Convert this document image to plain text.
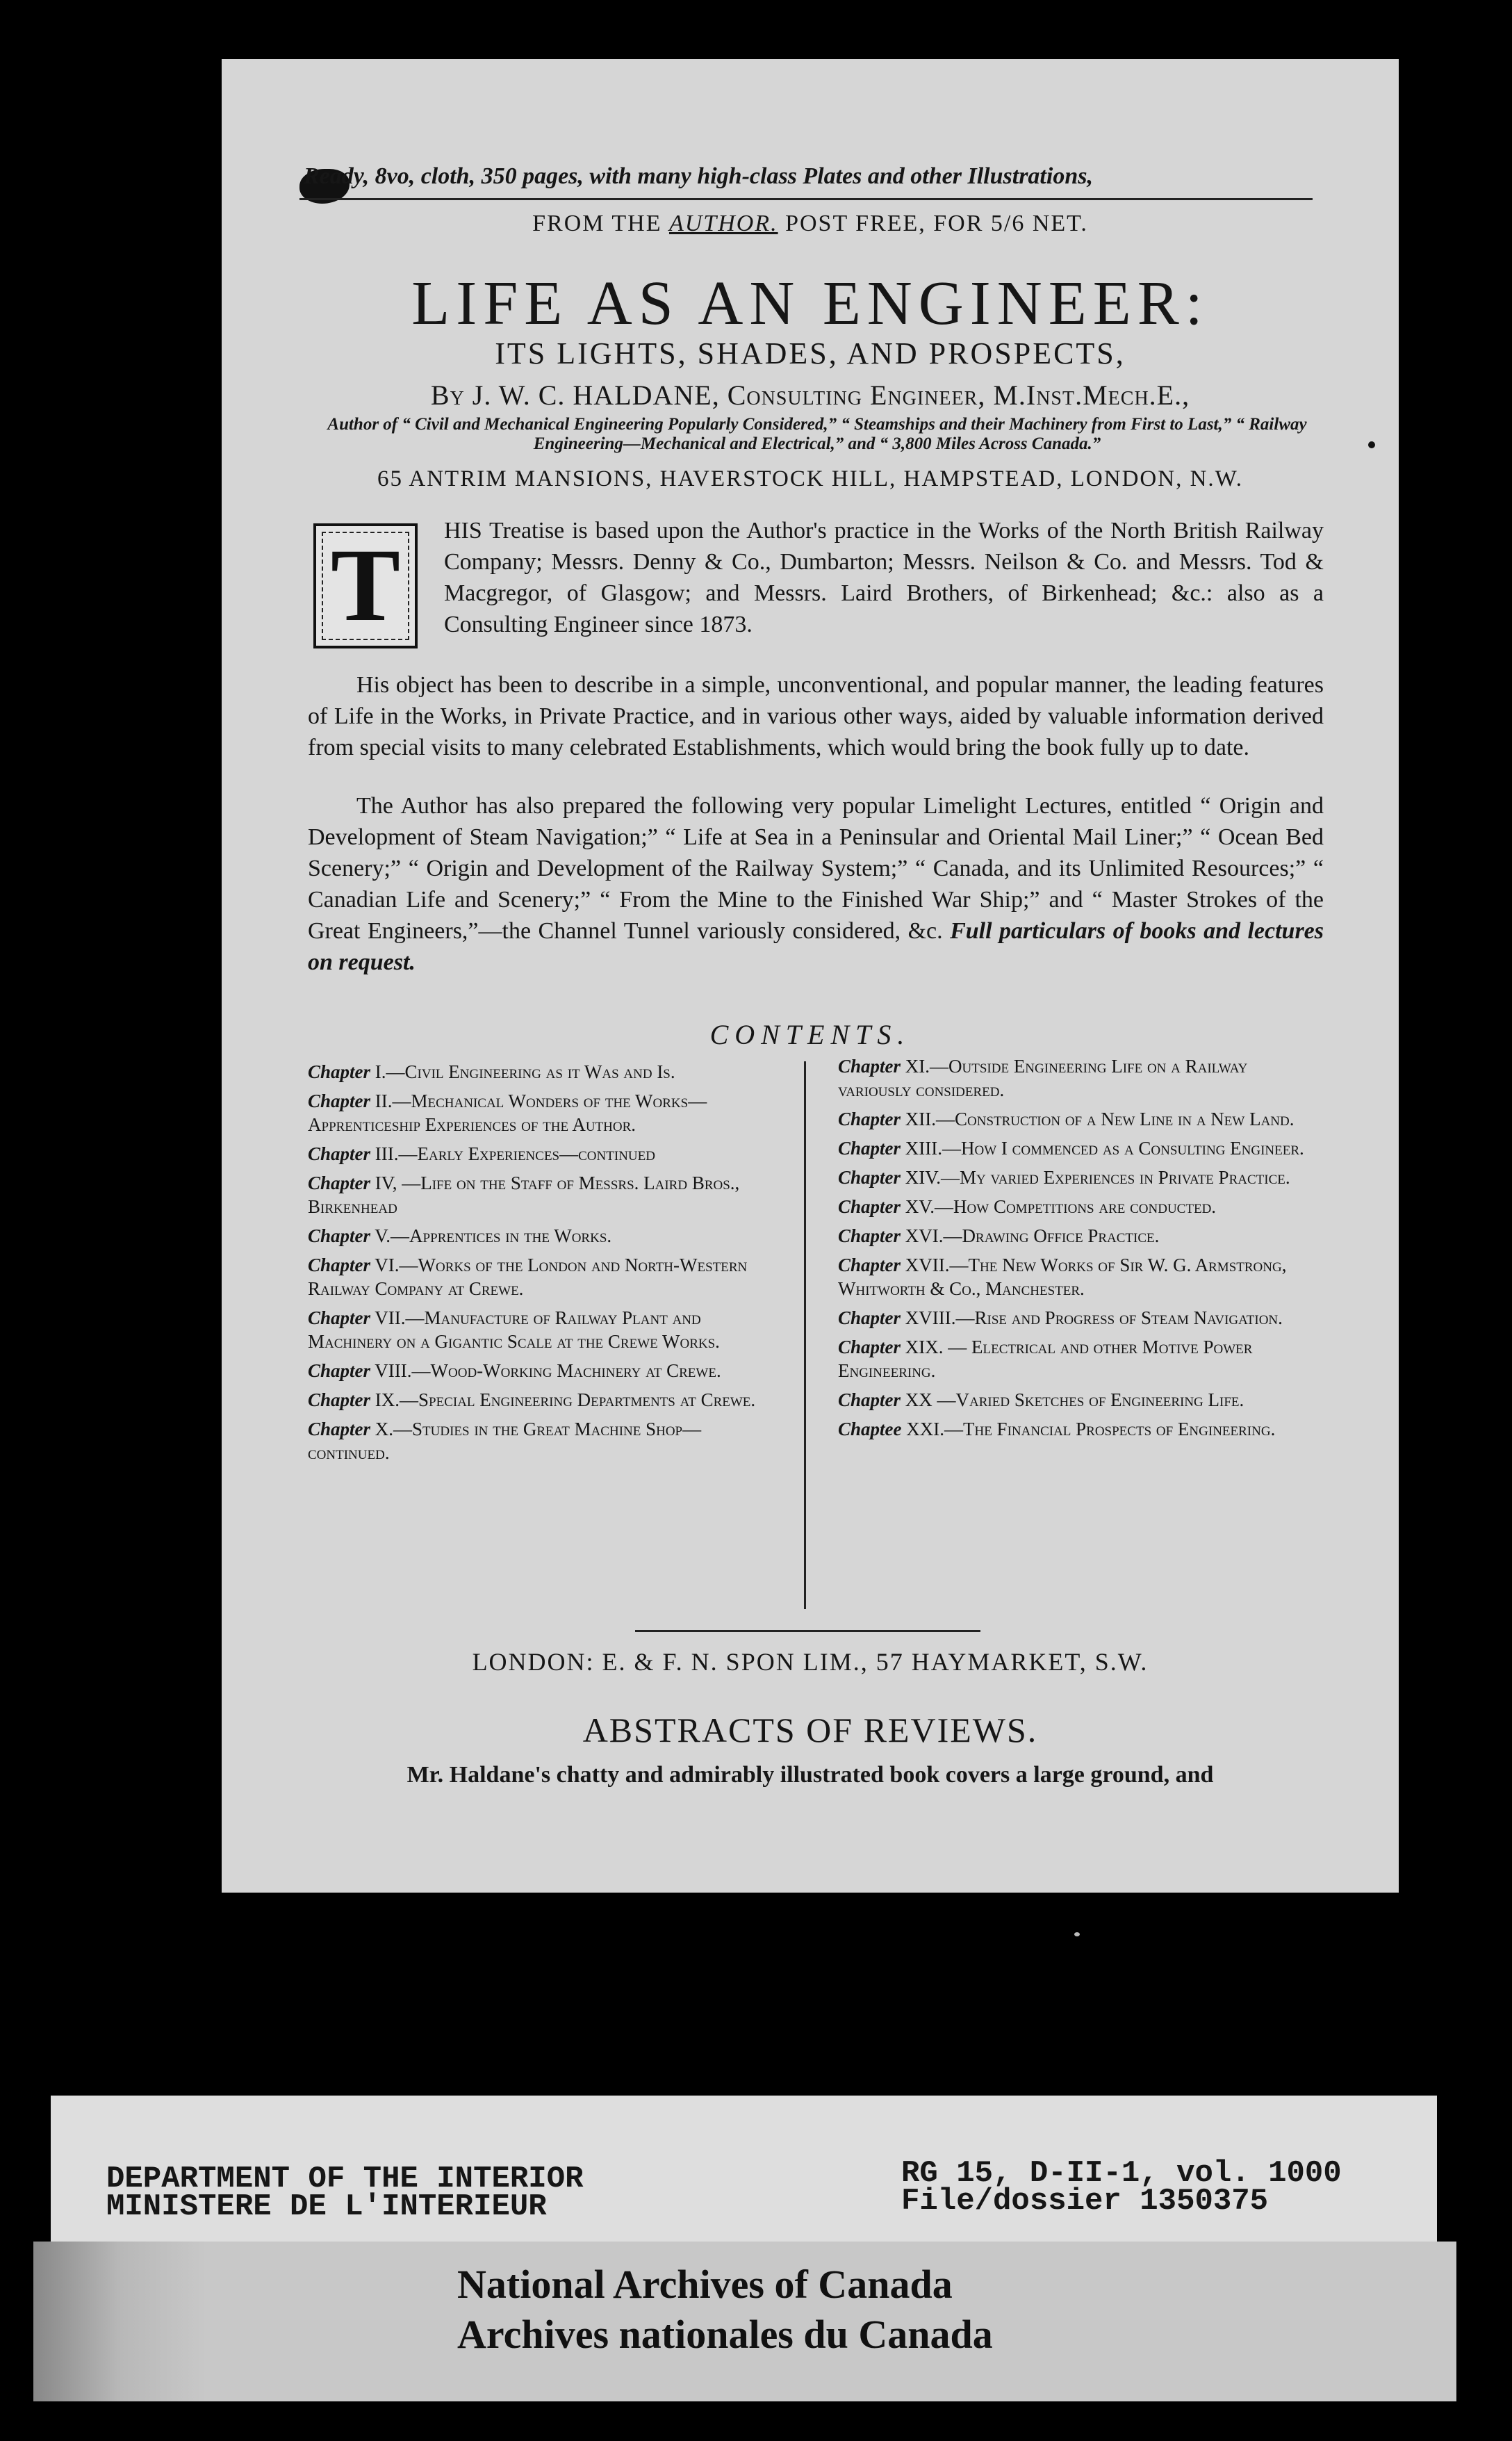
Ready, 8vo, cloth, 350 pages, with many high-class Plates and other Illustrations,
FROM THE AUTHOR. POST FREE, FOR 5/6 NET.
LIFE AS AN ENGINEER:
ITS LIGHTS, SHADES, AND PROSPECTS,
By J. W. C. HALDANE, Consulting Engineer, M.Inst.Mech.E.,
Author of “ Civil and Mechanical Engineering Popularly Considered,” “ Steamships and their Machinery from First to Last,” “ Railway Engineering—Mechanical and Electrical,” and “ 3,800 Miles Across Canada.”
65 ANTRIM MANSIONS, HAVERSTOCK HILL, HAMPSTEAD, LONDON, N.W.
T	HIS Treatise is based upon the Author's practice in the Works of the North British Railway Company; Messrs. Denny & Co., Dumbarton; Messrs. Neilson & Co. and Messrs. Tod & Macgregor, of Glasgow; and Messrs. Laird Brothers, of Birkenhead; &c.: also as a Consulting Engineer since 1873.
His object has been to describe in a simple, unconventional, and popular manner, the leading features of Life in the Works, in Private Practice, and in various other ways, aided by valuable information derived from special visits to many celebrated Establishments, which would bring the book fully up to date.
The Author has also prepared the following very popular Limelight Lectures, entitled “ Origin and Development of Steam Navigation;” “ Life at Sea in a Peninsular and Oriental Mail Liner;” “ Ocean Bed Scenery;” “ Origin and Development of the Railway System;” “ Canada, and its Unlimited Resources;” “ Canadian Life and Scenery;” “ From the Mine to the Finished War Ship;” and “ Master Strokes of the Great Engineers,”—the Channel Tunnel variously considered, &c. Full particulars of books and lectures on request.
CONTENTS.
Chapter I.—Civil Engineering as it Was and Is.
Chapter II.—Mechanical Wonders of the Works—Apprenticeship Experiences of the Author.
Chapter III.—Early Experiences—continued
Chapter IV, —Life on the Staff of Messrs. Laird Bros., Birkenhead
Chapter V.—Apprentices in the Works.
Chapter VI.—Works of the London and North-Western Railway Company at Crewe.
Chapter VII.—Manufacture of Railway Plant and Machinery on a Gigantic Scale at the Crewe Works.
Chapter VIII.—Wood-Working Machinery at Crewe.
Chapter IX.—Special Engineering Departments at Crewe.
Chapter X.—Studies in the Great Machine Shop—continued.
Chapter XI.—Outside Engineering Life on a Railway variously considered.
Chapter XII.—Construction of a New Line in a New Land.
Chapter XIII.—How I commenced as a Consulting Engineer.
Chapter XIV.—My varied Experiences in Private Practice.
Chapter XV.—How Competitions are conducted.
Chapter XVI.—Drawing Office Practice.
Chapter XVII.—The New Works of Sir W. G. Armstrong, Whitworth & Co., Manchester.
Chapter XVIII.—Rise and Progress of Steam Navigation.
Chapter XIX. — Electrical and other Motive Power Engineering.
Chapter XX —Varied Sketches of Engineering Life.
Chaptee XXI.—The Financial Prospects of Engineering.
LONDON: E. & F. N. SPON LIM., 57 HAYMARKET, S.W.
ABSTRACTS OF REVIEWS.
Mr. Haldane's chatty and admirably illustrated book covers a large ground, and
DEPARTMENT OF THE INTERIOR
MINISTERE DE L'INTERIEUR
RG 15, D-II-1, vol. 1000
File/dossier 1350375
National Archives of Canada
Archives nationales du Canada
